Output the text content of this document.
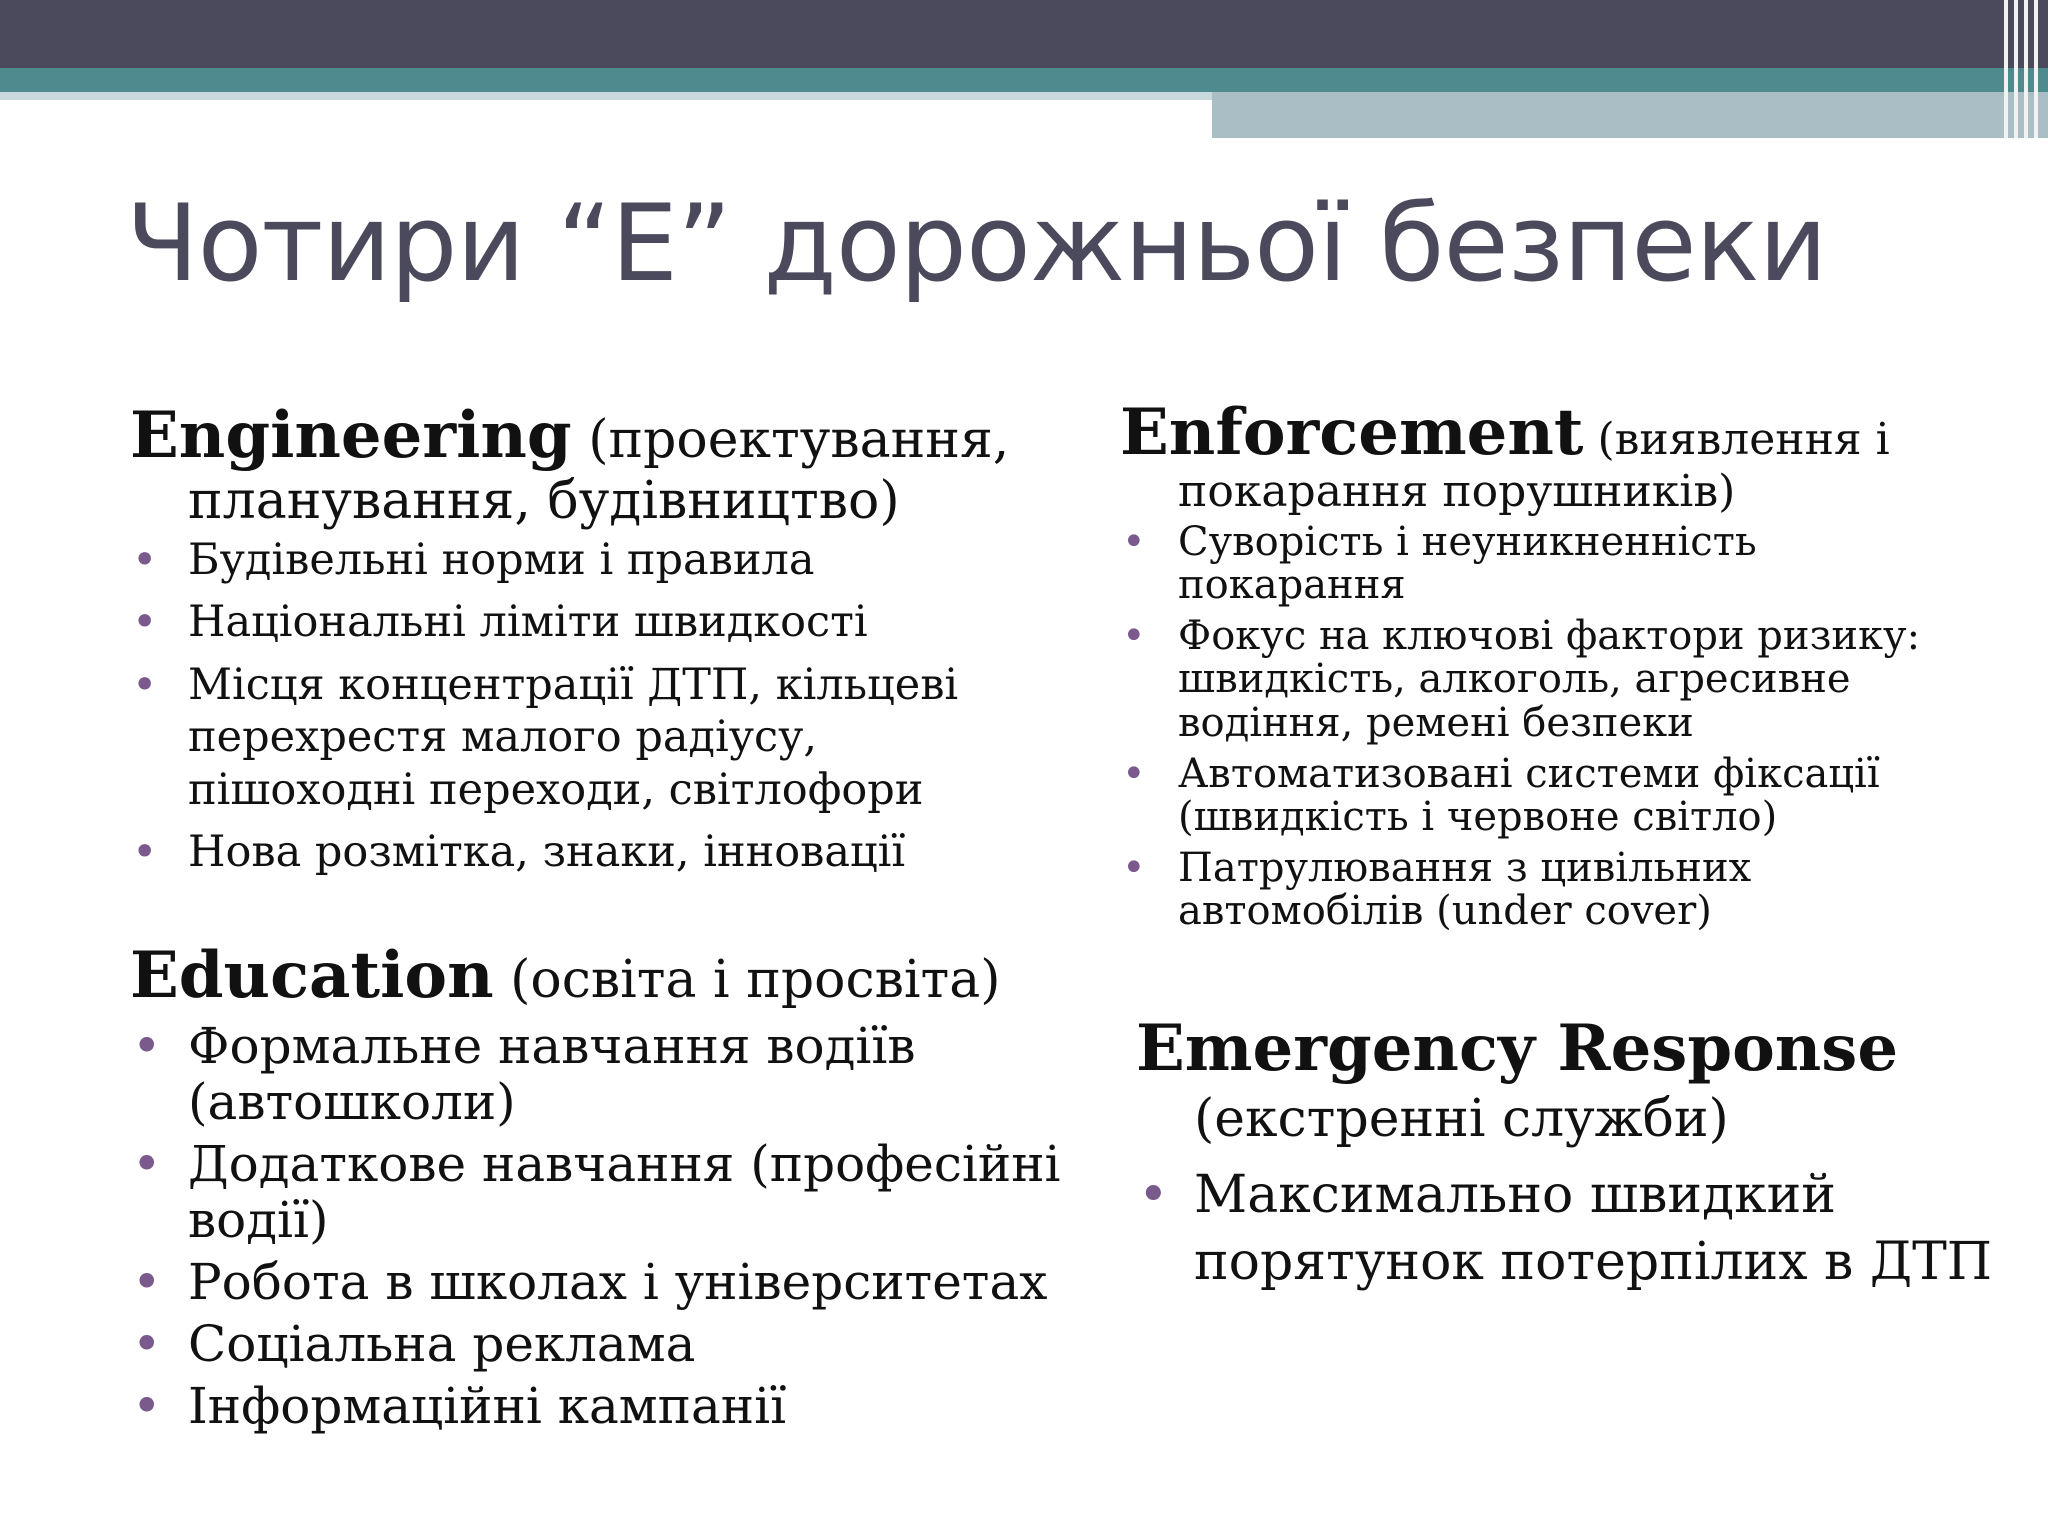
Чотири “Е” дорожньої безпеки

Engineering (проектування,
планування, будівництво)

• Будівельні норми і правила
• Національні ліміти швидкості
• Місця концентрації ДТП, кільцеві перехрестя малого радіусу, пішоходні переходи, світлофори
• Нова розмітка, знаки, інновації

Education (освіта і просвіта)

• Формальне навчання водіїв (автошколи)
• Додаткове навчання (професійні водії)
• Робота в школах і університетах
• Соціальна реклама
• Інформаційні кампанії

Enforcement (виявлення і
покарання порушників)

• Суворість і неуникненність покарання
• Фокус на ключові фактори ризику: швидкість, алкоголь, агресивне водіння, ремені безпеки
• Автоматизовані системи фіксації (швидкість і червоне світло)
• Патрулювання з цивільних автомобілів (under cover)

Emergency Response
(екстренні служби)

• Максимально швидкий порятунок потерпілих в ДТП
